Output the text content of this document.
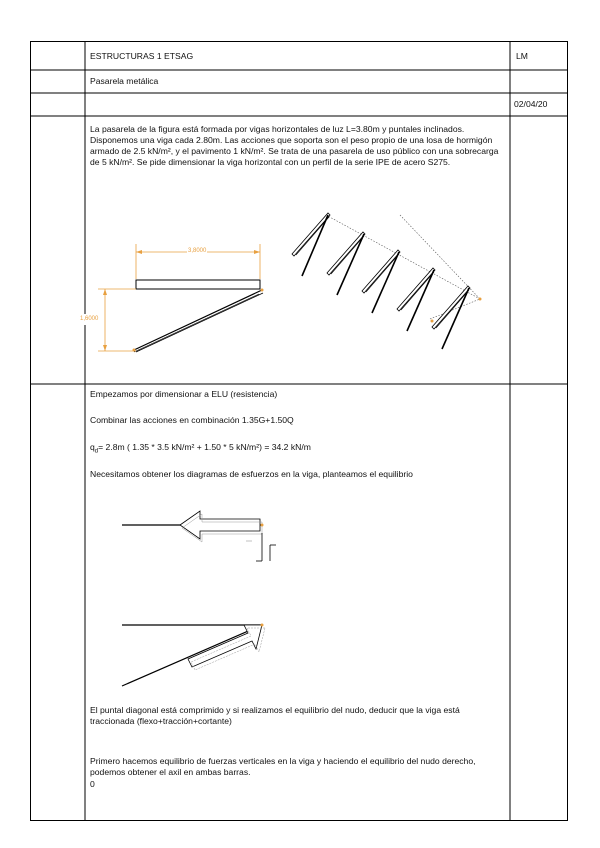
ESTRUCTURAS 1 ETSAG	LM
Pasarela metálica
02/04/20
La pasarela de la figura está formada por vigas horizontales de luz L=3.80m y puntales inclinados. Disponemos una viga cada 2.80m. Las acciones que soporta son el peso propio de una losa de hormigón armado de 2.5 kN/m², y el pavimento 1 kN/m². Se trata de una pasarela de uso público con una sobrecarga de 5 kN/m². Se pide dimensionar la viga horizontal con un perfil de la serie IPE de acero S275.
3,8000
1,6000
Empezamos por dimensionar a ELU (resistencia)
Combinar las acciones en combinación 1.35G+1.50Q
$q_d= 2.8m$ ( 1.35 * 3.5 kN/m² + 1.50 * 5 kN/m²) = 34.2 kN/m
Necesitamos obtener los diagramas de esfuerzos en la viga, planteamos el equilibrio
El puntal diagonal está comprimido y si realizamos el equilibrio del nudo, deducir que la viga está traccionada (flexo+tracción+cortante)
Primero hacemos equilibrio de fuerzas verticales en la viga y haciendo el equilibrio del nudo derecho, podemos obtener el axil en ambas barras.
0
